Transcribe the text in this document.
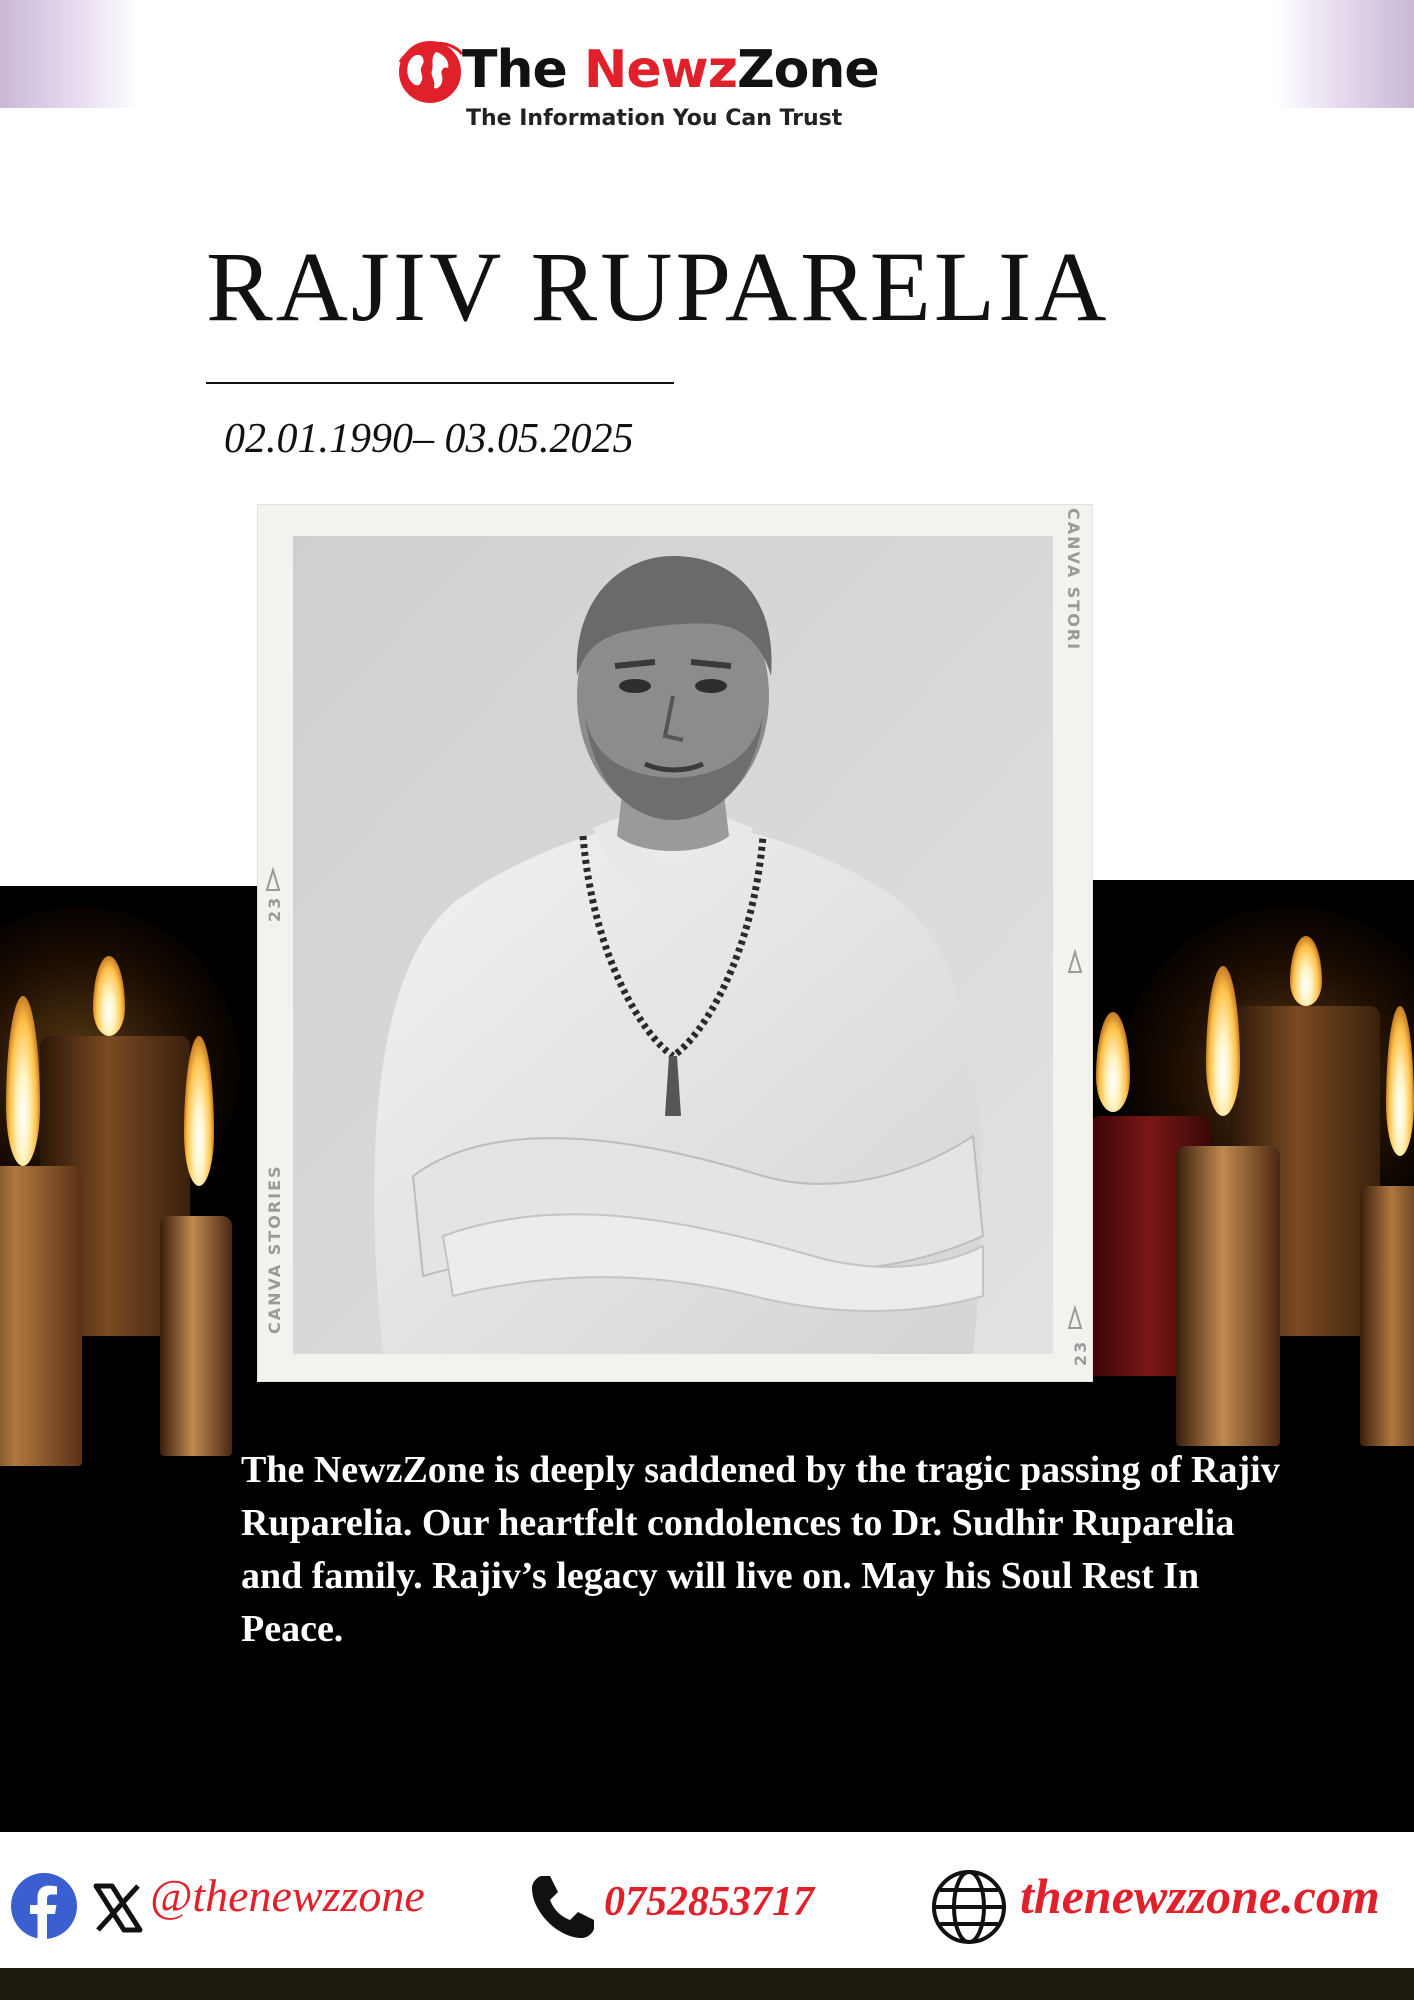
The NewzZone
The Information You Can Trust
RAJIV RUPARELIA
02.01.1990– 03.05.2025
CANVA STORI
CANVA STORIES
23
23
The NewzZone is deeply saddened by the tragic passing of Rajiv Ruparelia. Our heartfelt condolences to Dr. Sudhir Ruparelia and family. Rajiv’s legacy will live on. May his Soul Rest In Peace.
@thenewzzone	0752853717	thenewzzone.com
